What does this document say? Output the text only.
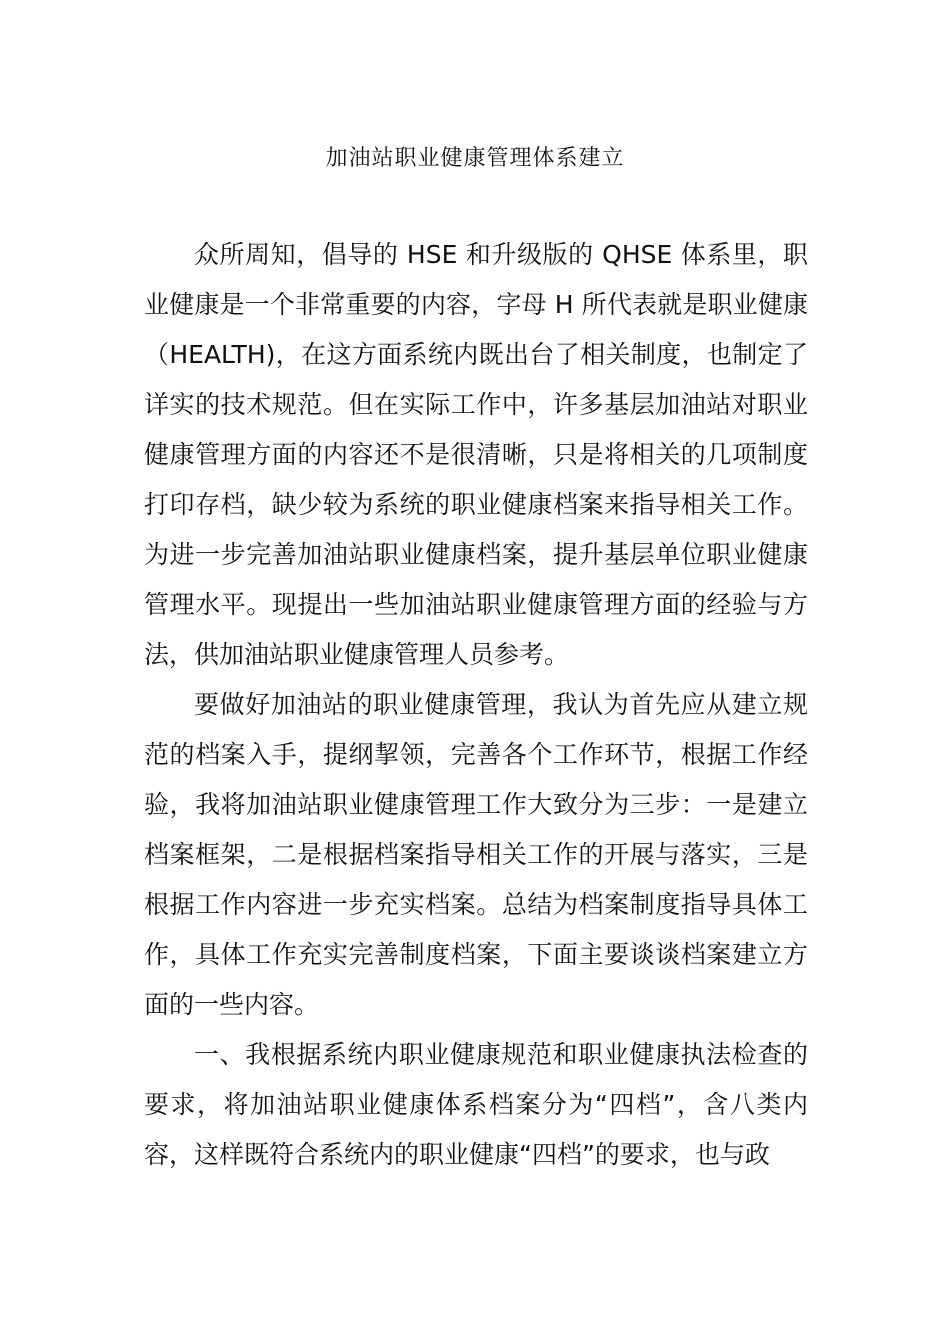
加油站职业健康管理体系建立

众所周知，倡导的 HSE 和升级版的 QHSE 体系里，职业健康是一个非常重要的内容，字母 H 所代表就是职业健康（HEALTH)，在这方面系统内既出台了相关制度，也制定了详实的技术规范。但在实际工作中，许多基层加油站对职业健康管理方面的内容还不是很清晰，只是将相关的几项制度打印存档，缺少较为系统的职业健康档案来指导相关工作。为进一步完善加油站职业健康档案，提升基层单位职业健康管理水平。现提出一些加油站职业健康管理方面的经验与方法，供加油站职业健康管理人员参考。

要做好加油站的职业健康管理，我认为首先应从建立规范的档案入手，提纲挈领，完善各个工作环节，根据工作经验，我将加油站职业健康管理工作大致分为三步：一是建立档案框架，二是根据档案指导相关工作的开展与落实，三是根据工作内容进一步充实档案。总结为档案制度指导具体工作，具体工作充实完善制度档案，下面主要谈谈档案建立方面的一些内容。

一、我根据系统内职业健康规范和职业健康执法检查的要求，将加油站职业健康体系档案分为“四档”，含八类内容，这样既符合系统内的职业健康“四档”的要求，也与政
